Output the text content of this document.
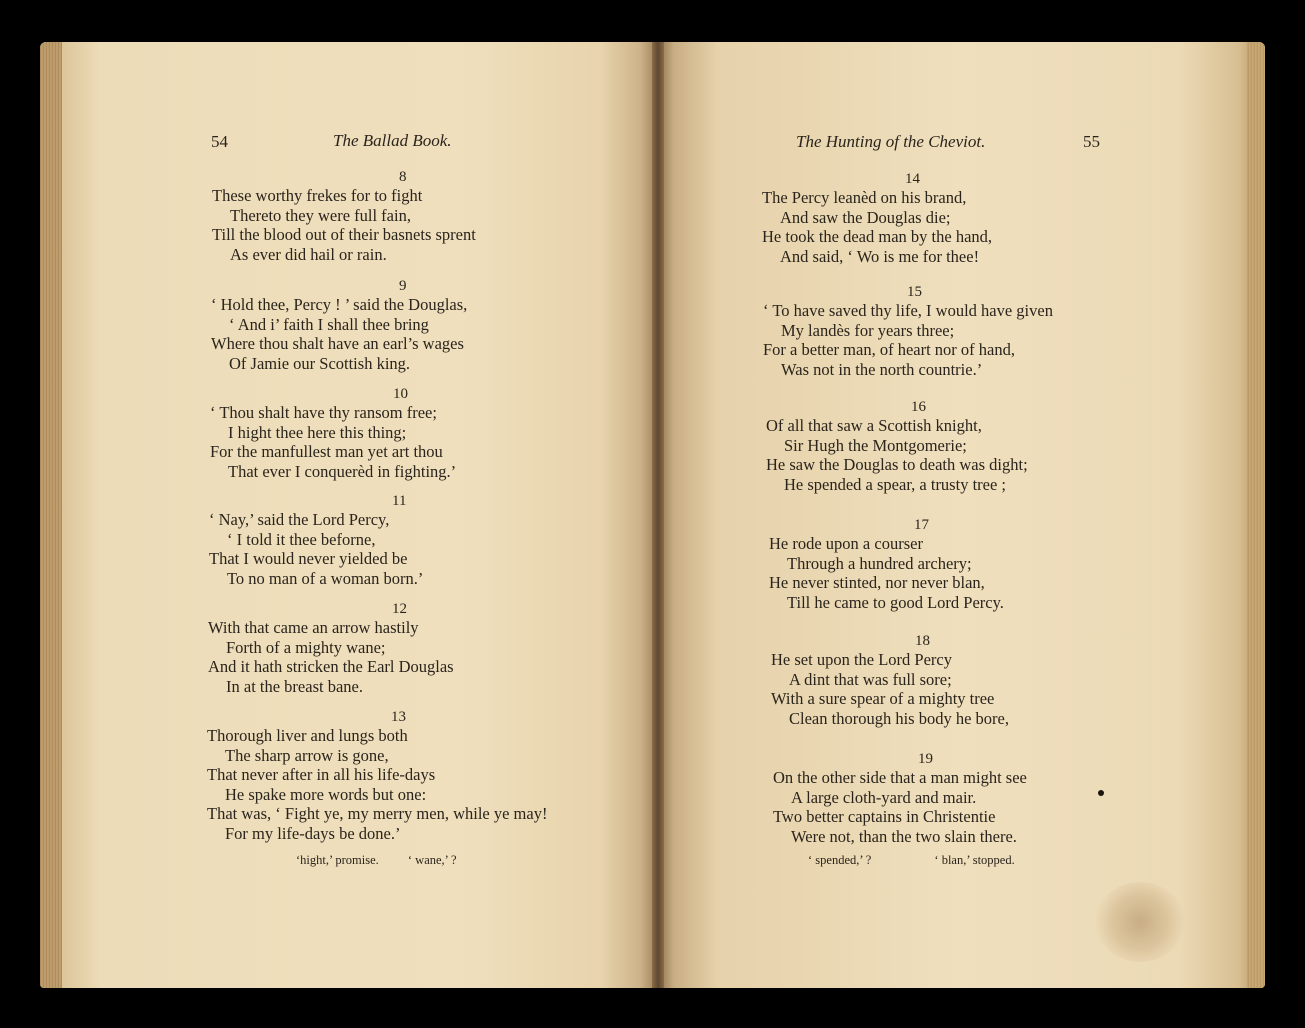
54	The Ballad Book.	The Hunting of the Cheviot.	55
8
These worthy frekes for to fight
Thereto they were full fain,
Till the blood out of their basnets sprent
As ever did hail or rain.
9
‘ Hold thee, Percy ! ’ said the Douglas,
‘ And i’ faith I shall thee bring
Where thou shalt have an earl’s wages
Of Jamie our Scottish king.
10
‘ Thou shalt have thy ransom free;
I hight thee here this thing;
For the manfullest man yet art thou
That ever I conquerèd in fighting.’
11
‘ Nay,’ said the Lord Percy,
‘ I told it thee beforne,
That I would never yielded be
To no man of a woman born.’
12
With that came an arrow hastily
Forth of a mighty wane;
And it hath stricken the Earl Douglas
In at the breast bane.
13
Thorough liver and lungs both
The sharp arrow is gone,
That never after in all his life-days
He spake more words but one:
That was, ‘ Fight ye, my merry men, while ye may!
For my life-days be done.’
‘hight,’ promise. ‘ wane,’ ?
14
The Percy leanèd on his brand,
And saw the Douglas die;
He took the dead man by the hand,
And said, ‘ Wo is me for thee!
15
‘ To have saved thy life, I would have given
My landès for years three;
For a better man, of heart nor of hand,
Was not in the north countrie.’
16
Of all that saw a Scottish knight,
Sir Hugh the Montgomerie;
He saw the Douglas to death was dight;
He spended a spear, a trusty tree ;
17
He rode upon a courser
Through a hundred archery;
He never stinted, nor never blan,
Till he came to good Lord Percy.
18
He set upon the Lord Percy
A dint that was full sore;
With a sure spear of a mighty tree
Clean thorough his body he bore,
19
On the other side that a man might see
A large cloth-yard and mair.
Two better captains in Christentie
Were not, than the two slain there.
‘ spended,’ ?	‘ blan,’ stopped.
